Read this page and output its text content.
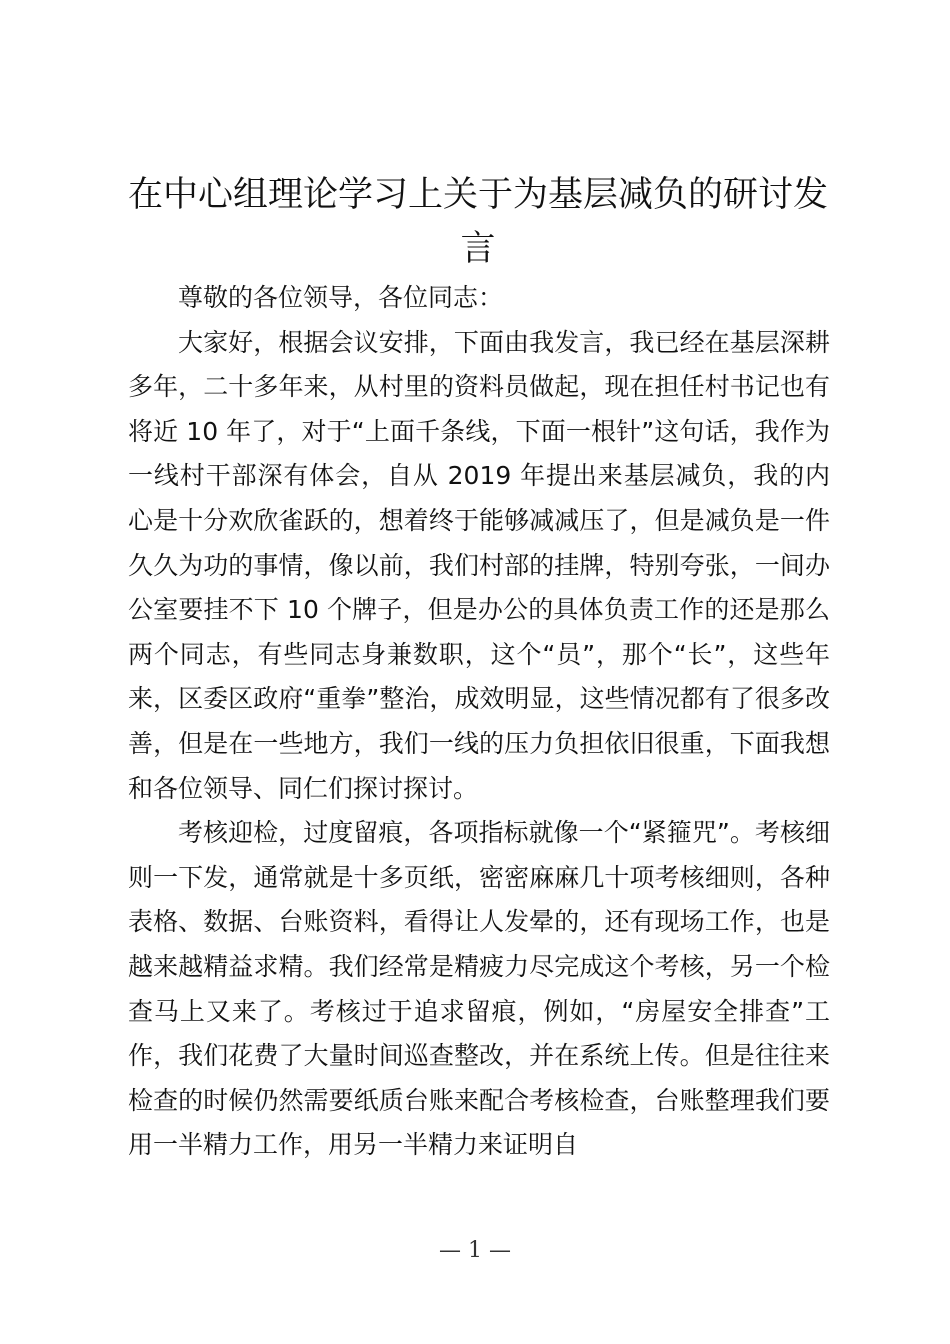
在中心组理论学习上关于为基层减负的研讨发言

尊敬的各位领导，各位同志：

大家好，根据会议安排，下面由我发言，我已经在基层深耕多年，二十多年来，从村里的资料员做起，现在担任村书记也有将近 10 年了，对于“上面千条线，下面一根针”这句话，我作为一线村干部深有体会，自从 2019 年提出来基层减负，我的内心是十分欢欣雀跃的，想着终于能够减减压了，但是减负是一件久久为功的事情，像以前，我们村部的挂牌，特别夸张，一间办公室要挂不下 10 个牌子，但是办公的具体负责工作的还是那么两个同志，有些同志身兼数职，这个“员”，那个“长”，这些年来，区委区政府“重拳”整治，成效明显，这些情况都有了很多改善，但是在一些地方，我们一线的压力负担依旧很重，下面我想和各位领导、同仁们探讨探讨。

考核迎检，过度留痕，各项指标就像一个“紧箍咒”。考核细则一下发，通常就是十多页纸，密密麻麻几十项考核细则，各种表格、数据、台账资料，看得让人发晕的，还有现场工作，也是越来越精益求精。我们经常是精疲力尽完成这个考核，另一个检查马上又来了。考核过于追求留痕，例如，“房屋安全排查”工作，我们花费了大量时间巡查整改，并在系统上传。但是往往来检查的时候仍然需要纸质台账来配合考核检查，台账整理我们要用一半精力工作，用另一半精力来证明自

— 1 —
